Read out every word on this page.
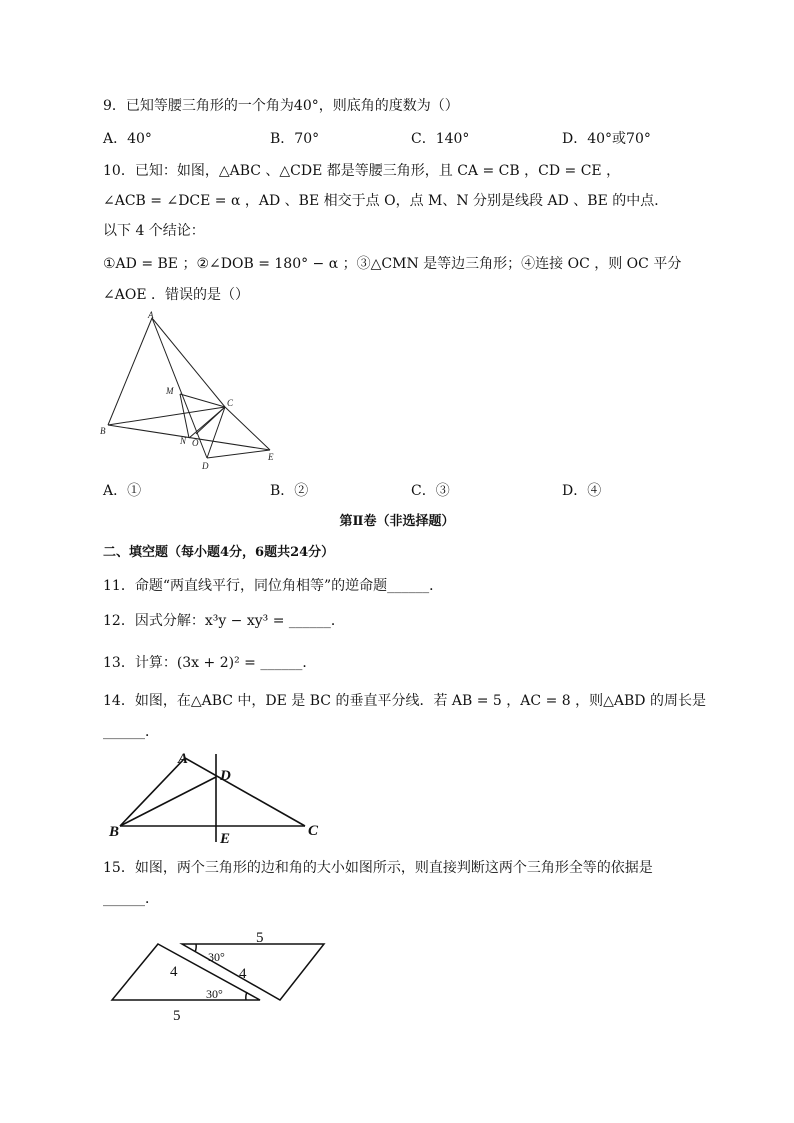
9．已知等腰三角形的一个角为40°，则底角的度数为（）
A．40°	B．70°	C．140°	D．40°或70°
10．已知：如图，△ABC 、△CDE 都是等腰三角形，且 CA = CB ，CD = CE ，
∠ACB = ∠DCE = α ，AD 、BE 相交于点 O，点 M、N 分别是线段 AD 、BE 的中点．
以下 4 个结论：
①AD = BE ；②∠DOB = 180° − α ；③△CMN 是等边三角形；④连接 OC ，则 OC 平分
∠AOE ．错误的是（）
A
B
C
D
E
M
N O
A．①	B．②	C．③	D．④
第Ⅱ卷（非选择题）
二、填空题（每小题4分，6题共24分）
11．命题“两直线平行，同位角相等”的逆命题______．
12．因式分解：x³y − xy³ = ______．
13．计算：(3x + 2)² = ______．
14．如图，在△ABC 中，DE 是 BC 的垂直平分线．若 AB = 5 ，AC = 8 ，则△ABD 的周长是
______．
A
B	C
D
E
15．如图，两个三角形的边和角的大小如图所示，则直接判断这两个三角形全等的依据是
______．
5
30°
4	4
30°
5
